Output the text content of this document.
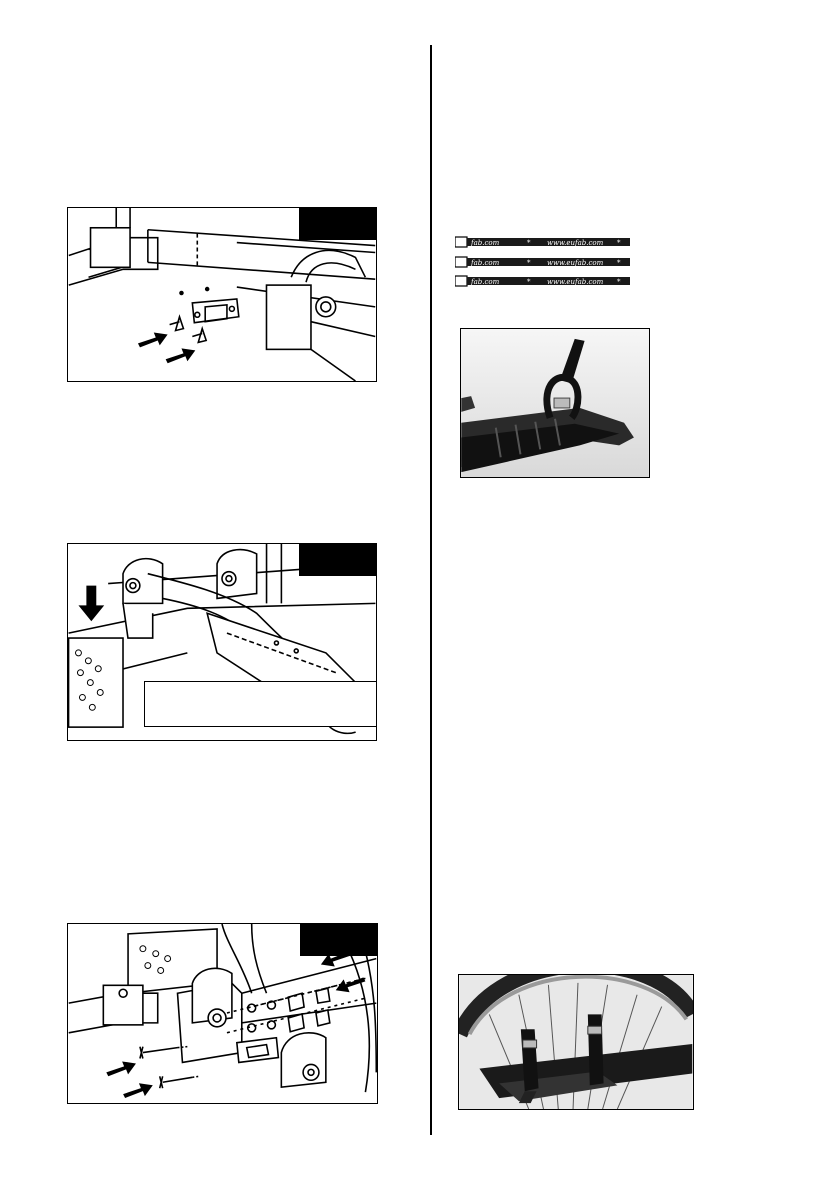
fab.com	* www.eufab.com *
fab.com	* www.eufab.com *
fab.com	* www.eufab.com *
